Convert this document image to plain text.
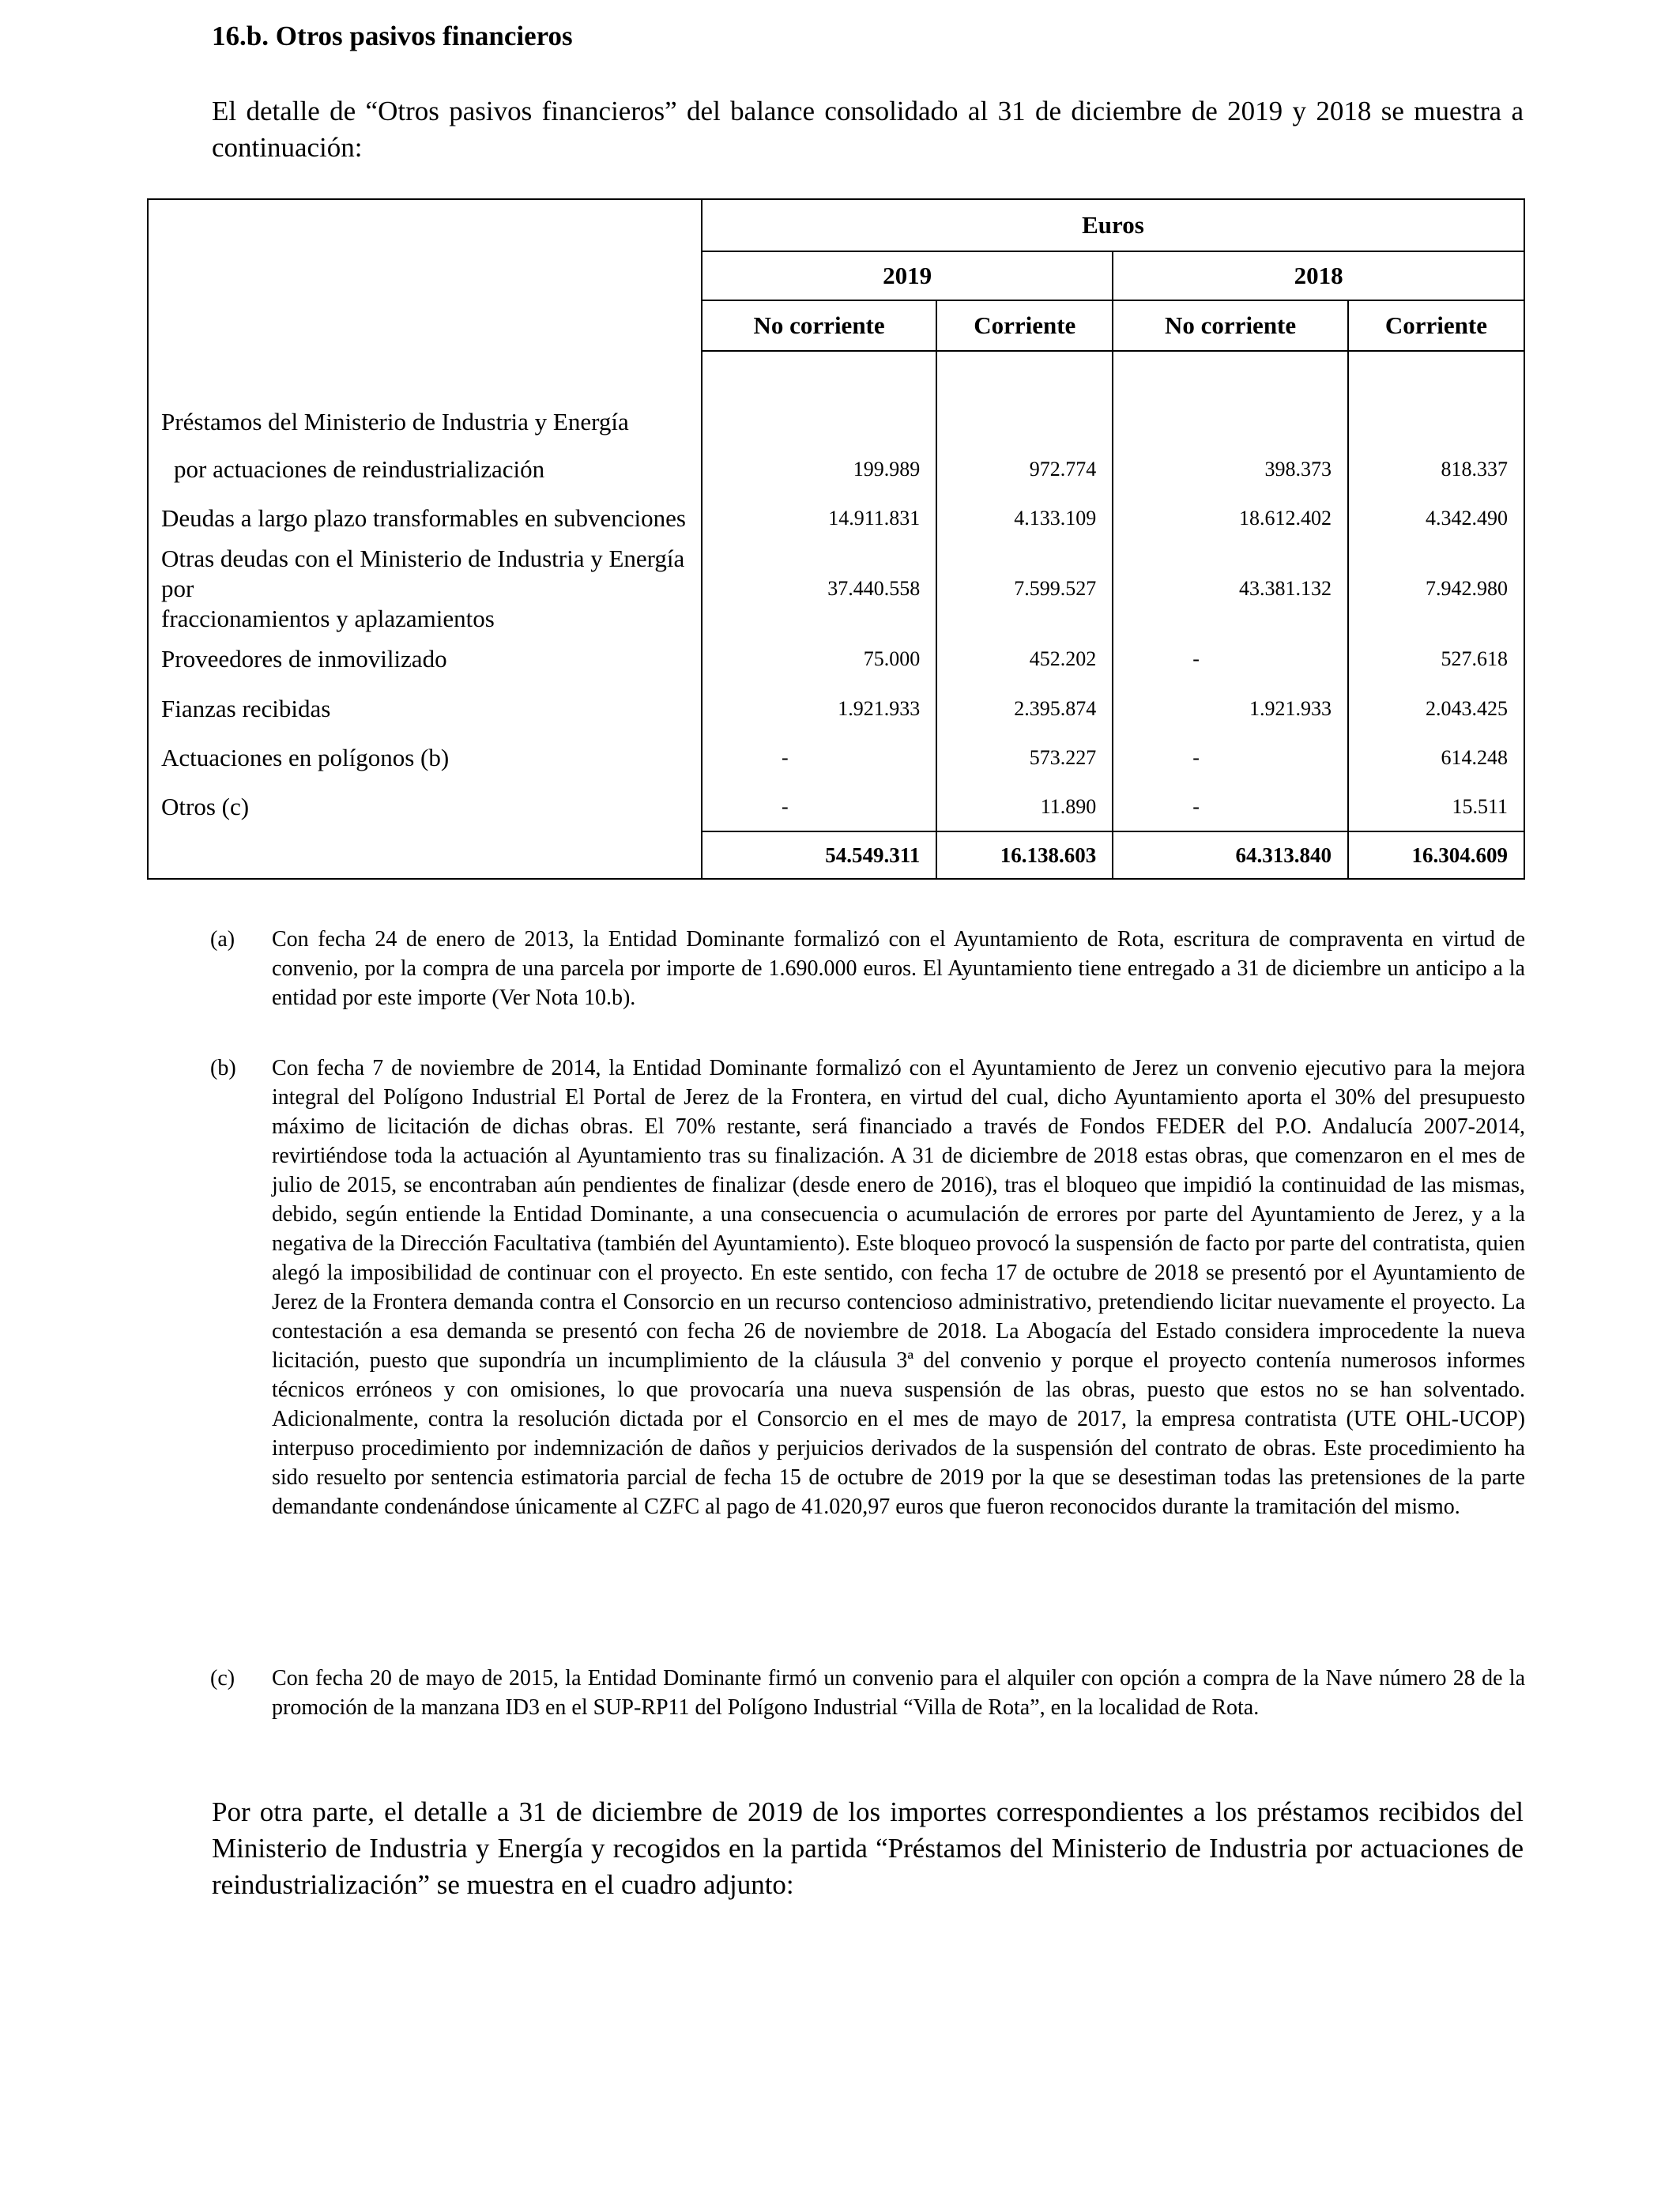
16.b. Otros pasivos financieros
El detalle de “Otros pasivos financieros” del balance consolidado al 31 de diciembre de 2019 y 2018 se muestra a continuación:
	Euros			
	2019		2018	
	No corriente	Corriente	No corriente	Corriente

Préstamos del Ministerio de Industria y Energía				
por actuaciones de reindustrialización	199.989	972.774	398.373	818.337
Deudas a largo plazo transformables en subvenciones	14.911.831	4.133.109	18.612.402	4.342.490
Otras deudas con el Ministerio de Industria y Energía por
fraccionamientos y aplazamientos	37.440.558	7.599.527	43.381.132	7.942.980
Proveedores de inmovilizado	75.000	452.202	-	527.618
Fianzas recibidas	1.921.933	2.395.874	1.921.933	2.043.425
Actuaciones en polígonos (b)	-	573.227	-	614.248
Otros (c)	-	11.890	-	15.511
	54.549.311	16.138.603	64.313.840	16.304.609
(a) Con fecha 24 de enero de 2013, la Entidad Dominante formalizó con el Ayuntamiento de Rota, escritura de compraventa en virtud de convenio, por la compra de una parcela por importe de 1.690.000 euros. El Ayuntamiento tiene entregado a 31 de diciembre un anticipo a la entidad por este importe (Ver Nota 10.b).
(b) Con fecha 7 de noviembre de 2014, la Entidad Dominante formalizó con el Ayuntamiento de Jerez un convenio ejecutivo para la mejora integral del Polígono Industrial El Portal de Jerez de la Frontera, en virtud del cual, dicho Ayuntamiento aporta el 30% del presupuesto máximo de licitación de dichas obras. El 70% restante, será financiado a través de Fondos FEDER del P.O. Andalucía 2007-2014, revirtiéndose toda la actuación al Ayuntamiento tras su finalización. A 31 de diciembre de 2018 estas obras, que comenzaron en el mes de julio de 2015, se encontraban aún pendientes de finalizar (desde enero de 2016), tras el bloqueo que impidió la continuidad de las mismas, debido, según entiende la Entidad Dominante, a una consecuencia o acumulación de errores por parte del Ayuntamiento de Jerez, y a la negativa de la Dirección Facultativa (también del Ayuntamiento). Este bloqueo provocó la suspensión de facto por parte del contratista, quien alegó la imposibilidad de continuar con el proyecto. En este sentido, con fecha 17 de octubre de 2018 se presentó por el Ayuntamiento de Jerez de la Frontera demanda contra el Consorcio en un recurso contencioso administrativo, pretendiendo licitar nuevamente el proyecto. La contestación a esa demanda se presentó con fecha 26 de noviembre de 2018. La Abogacía del Estado considera improcedente la nueva licitación, puesto que supondría un incumplimiento de la cláusula 3ª del convenio y porque el proyecto contenía numerosos informes técnicos erróneos y con omisiones, lo que provocaría una nueva suspensión de las obras, puesto que estos no se han solventado. Adicionalmente, contra la resolución dictada por el Consorcio en el mes de mayo de 2017, la empresa contratista (UTE OHL-UCOP) interpuso procedimiento por indemnización de daños y perjuicios derivados de la suspensión del contrato de obras. Este procedimiento ha sido resuelto por sentencia estimatoria parcial de fecha 15 de octubre de 2019 por la que se desestiman todas las pretensiones de la parte demandante condenándose únicamente al CZFC al pago de 41.020,97 euros que fueron reconocidos durante la tramitación del mismo.
(c) Con fecha 20 de mayo de 2015, la Entidad Dominante firmó un convenio para el alquiler con opción a compra de la Nave número 28 de la promoción de la manzana ID3 en el SUP-RP11 del Polígono Industrial “Villa de Rota”, en la localidad de Rota.
Por otra parte, el detalle a 31 de diciembre de 2019 de los importes correspondientes a los préstamos recibidos del Ministerio de Industria y Energía y recogidos en la partida “Préstamos del Ministerio de Industria por actuaciones de reindustrialización” se muestra en el cuadro adjunto:
